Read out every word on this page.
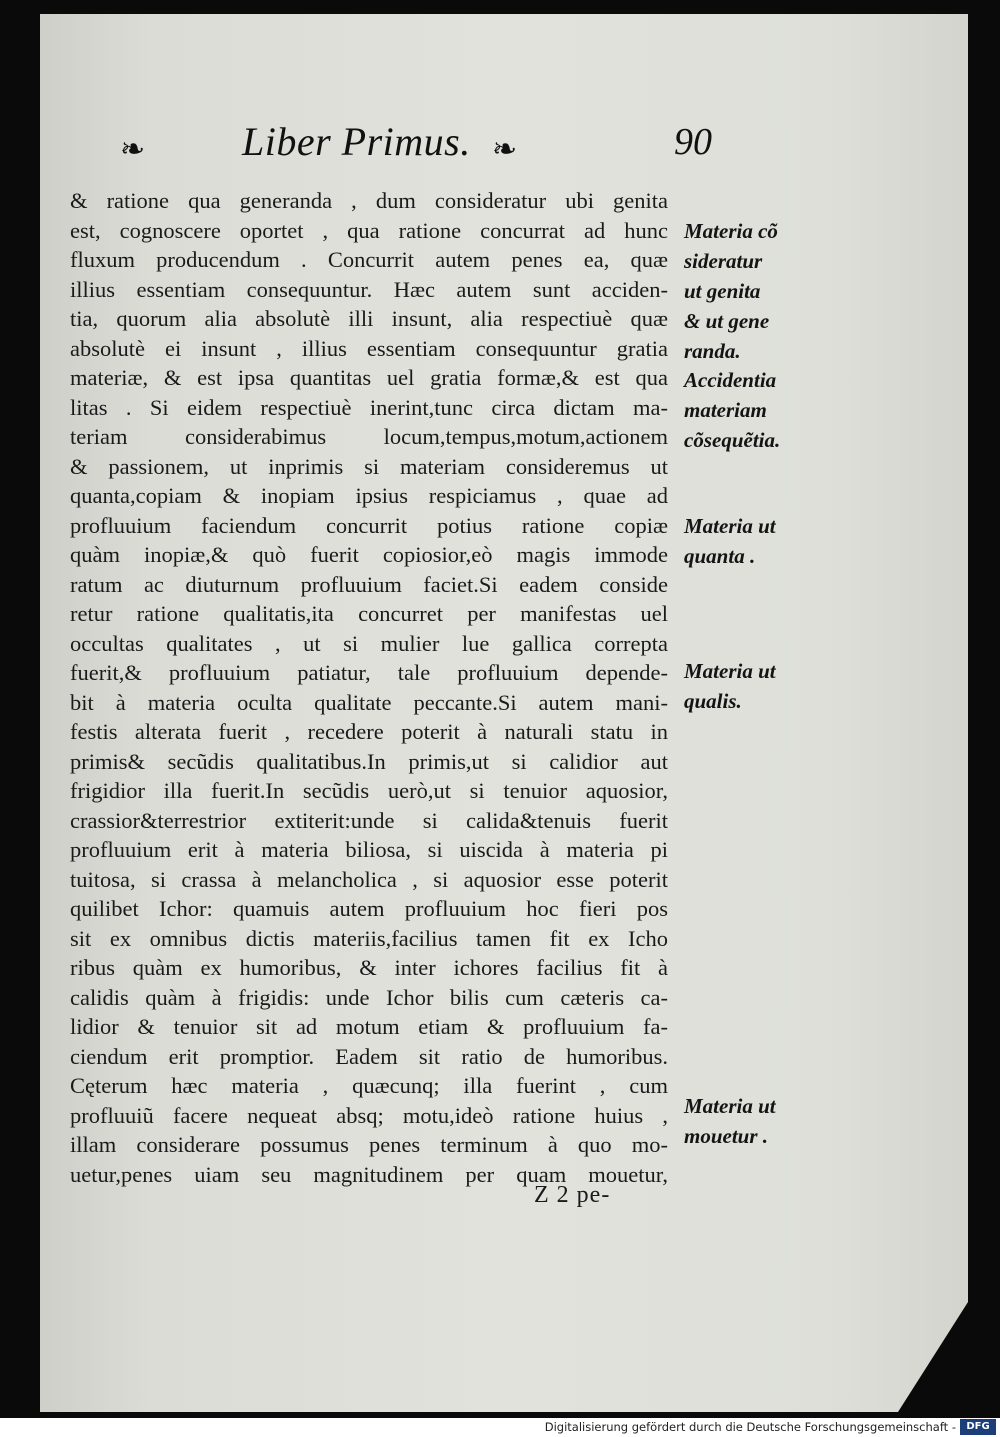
❧ Liber Primus. ❧	90
& ratione qua generanda , dum consideratur ubi genita
est, cognoscere oportet , qua ratione concurrat ad hunc
fluxum producendum . Concurrit autem penes ea, quæ
illius essentiam consequuntur. Hæc autem sunt acciden-
tia, quorum alia absolutè illi insunt, alia respectiuè quæ
absolutè ei insunt , illius essentiam consequuntur gratia
materiæ, & est ipsa quantitas uel gratia formæ,& est qua
litas . Si eidem respectiuè inerint,tunc circa dictam ma-
teriam considerabimus locum,tempus,motum,actionem
& passionem, ut inprimis si materiam consideremus ut
quanta,copiam & inopiam ipsius respiciamus , quae ad
profluuium faciendum concurrit potius ratione copiæ
quàm inopiæ,& quò fuerit copiosior,eò magis immode
ratum ac diuturnum profluuium faciet.Si eadem conside
retur ratione qualitatis,ita concurret per manifestas uel
occultas qualitates , ut si mulier lue gallica correpta
fuerit,& profluuium patiatur, tale profluuium depende-
bit à materia oculta qualitate peccante.Si autem mani-
festis alterata fuerit , recedere poterit à naturali statu in
primis& secũdis qualitatibus.In primis,ut si calidior aut
frigidior illa fuerit.In secũdis uerò,ut si tenuior aquosior,
crassior&terrestrior extiterit:unde si calida&tenuis fuerit
profluuium erit à materia biliosa, si uiscida à materia pi
tuitosa, si crassa à melancholica , si aquosior esse poterit
quilibet Ichor: quamuis autem profluuium hoc fieri pos
sit ex omnibus dictis materiis,facilius tamen fit ex Icho
ribus quàm ex humoribus, & inter ichores facilius fit à
calidis quàm à frigidis: unde Ichor bilis cum cæteris ca-
lidior & tenuior sit ad motum etiam & profluuium fa-
ciendum erit promptior. Eadem sit ratio de humoribus.
Cęterum hæc materia , quæcunq; illa fuerint , cum
profluuiũ facere nequeat absq; motu,ideò ratione huius ,
illam considerare possumus penes terminum à quo mo-
uetur,penes uiam seu magnitudinem per quam mouetur,
Materia cõ
sideratur
ut genita
& ut gene
randa.
Accidentia
materiam
cõsequẽtia.
Materia ut
quanta .
Materia ut
qualis.
Materia ut
mouetur .
Z 2 pe-
Digitalisierung gefördert durch die Deutsche Forschungsgemeinschaft -	DFG
